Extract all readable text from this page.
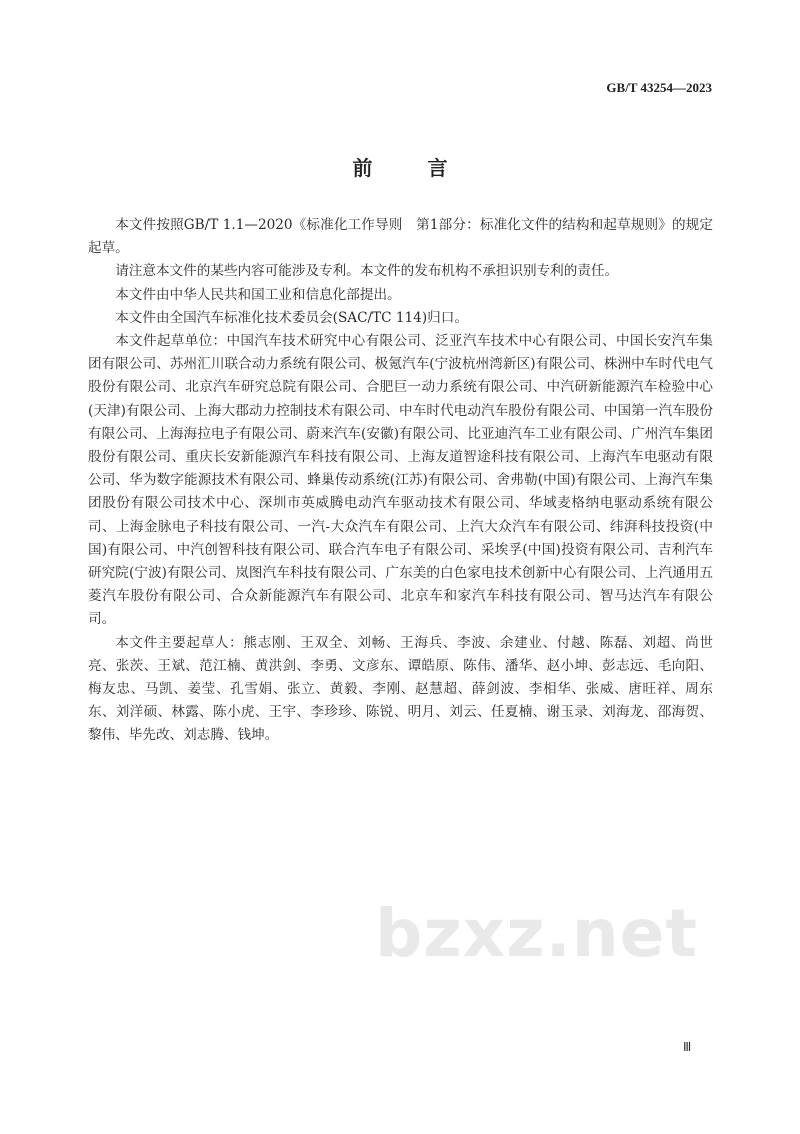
GB/T 43254—2023
前 言

本文件按照GB/T 1.1—2020《标准化工作导则　第1部分：标准化文件的结构和起草规则》的规定起草。

请注意本文件的某些内容可能涉及专利。本文件的发布机构不承担识别专利的责任。

本文件由中华人民共和国工业和信息化部提出。

本文件由全国汽车标准化技术委员会(SAC/TC 114)归口。

本文件起草单位：中国汽车技术研究中心有限公司、泛亚汽车技术中心有限公司、中国长安汽车集团有限公司、苏州汇川联合动力系统有限公司、极氪汽车(宁波杭州湾新区)有限公司、株洲中车时代电气股份有限公司、北京汽车研究总院有限公司、合肥巨一动力系统有限公司、中汽研新能源汽车检验中心(天津)有限公司、上海大郡动力控制技术有限公司、中车时代电动汽车股份有限公司、中国第一汽车股份有限公司、上海海拉电子有限公司、蔚来汽车(安徽)有限公司、比亚迪汽车工业有限公司、广州汽车集团股份有限公司、重庆长安新能源汽车科技有限公司、上海友道智途科技有限公司、上海汽车电驱动有限公司、华为数字能源技术有限公司、蜂巢传动系统(江苏)有限公司、舍弗勒(中国)有限公司、上海汽车集团股份有限公司技术中心、深圳市英威腾电动汽车驱动技术有限公司、华域麦格纳电驱动系统有限公司、上海金脉电子科技有限公司、一汽-大众汽车有限公司、上汽大众汽车有限公司、纬湃科技投资(中国)有限公司、中汽创智科技有限公司、联合汽车电子有限公司、采埃孚(中国)投资有限公司、吉利汽车研究院(宁波)有限公司、岚图汽车科技有限公司、广东美的白色家电技术创新中心有限公司、上汽通用五菱汽车股份有限公司、合众新能源汽车有限公司、北京车和家汽车科技有限公司、智马达汽车有限公司。

本文件主要起草人：熊志刚、王双全、刘畅、王海兵、李波、余建业、付越、陈磊、刘超、尚世亮、张茨、王斌、范江楠、黄洪剑、李勇、文彦东、谭皓原、陈伟、潘华、赵小坤、彭志远、毛向阳、梅友忠、马凯、姜莹、孔雪娟、张立、黄毅、李刚、赵慧超、薛剑波、李相华、张威、唐旺祥、周东东、刘洋硕、林露、陈小虎、王宇、李珍珍、陈锐、明月、刘云、任夏楠、谢玉录、刘海龙、邵海贺、黎伟、毕先改、刘志腾、钱坤。

bzxz.net
Ⅲ
